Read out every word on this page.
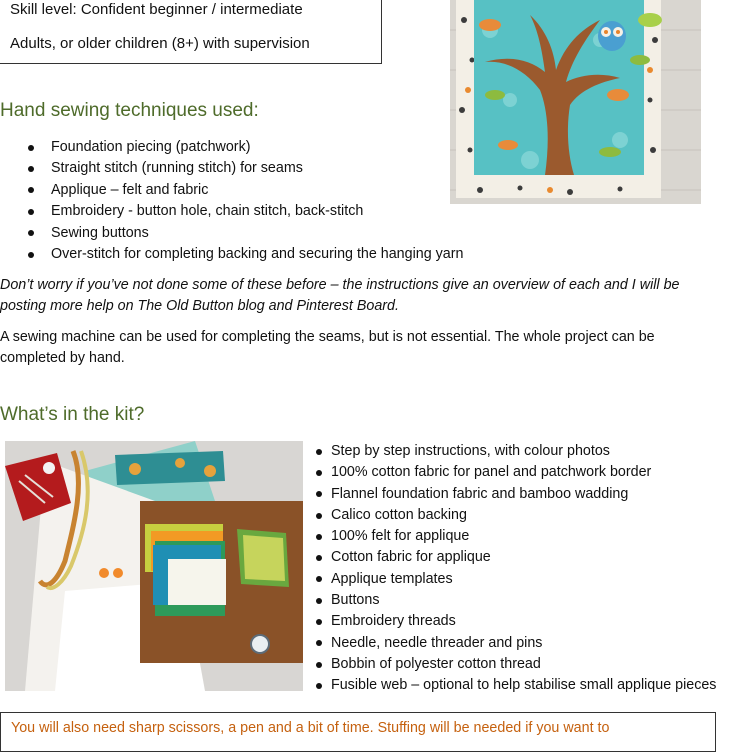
Skill level: Confident beginner / intermediate

Adults, or older children (8+) with supervision

Hand sewing techniques used:
Foundation piecing (patchwork)
Straight stitch (running stitch) for seams
Applique – felt and fabric
Embroidery - button hole, chain stitch, back-stitch
Sewing buttons
Over-stitch for completing backing and securing the hanging yarn

Don’t worry if you’ve not done some of these before – the instructions give an overview of each and I will be

posting more help on The Old Button blog and Pinterest Board.

A sewing machine can be used for completing the seams, but is not essential. The whole project can be

completed by hand.

What’s in the kit?
Step by step instructions, with colour photos
100% cotton fabric for panel and patchwork border
Flannel foundation fabric and bamboo wadding
Calico cotton backing
100% felt for applique
Cotton fabric for applique
Applique templates
Buttons
Embroidery threads
Needle, needle threader and pins
Bobbin of polyester cotton thread
Fusible web – optional to help stabilise small applique pieces

You will also need sharp scissors, a pen and a bit of time. Stuffing will be needed if you want to
